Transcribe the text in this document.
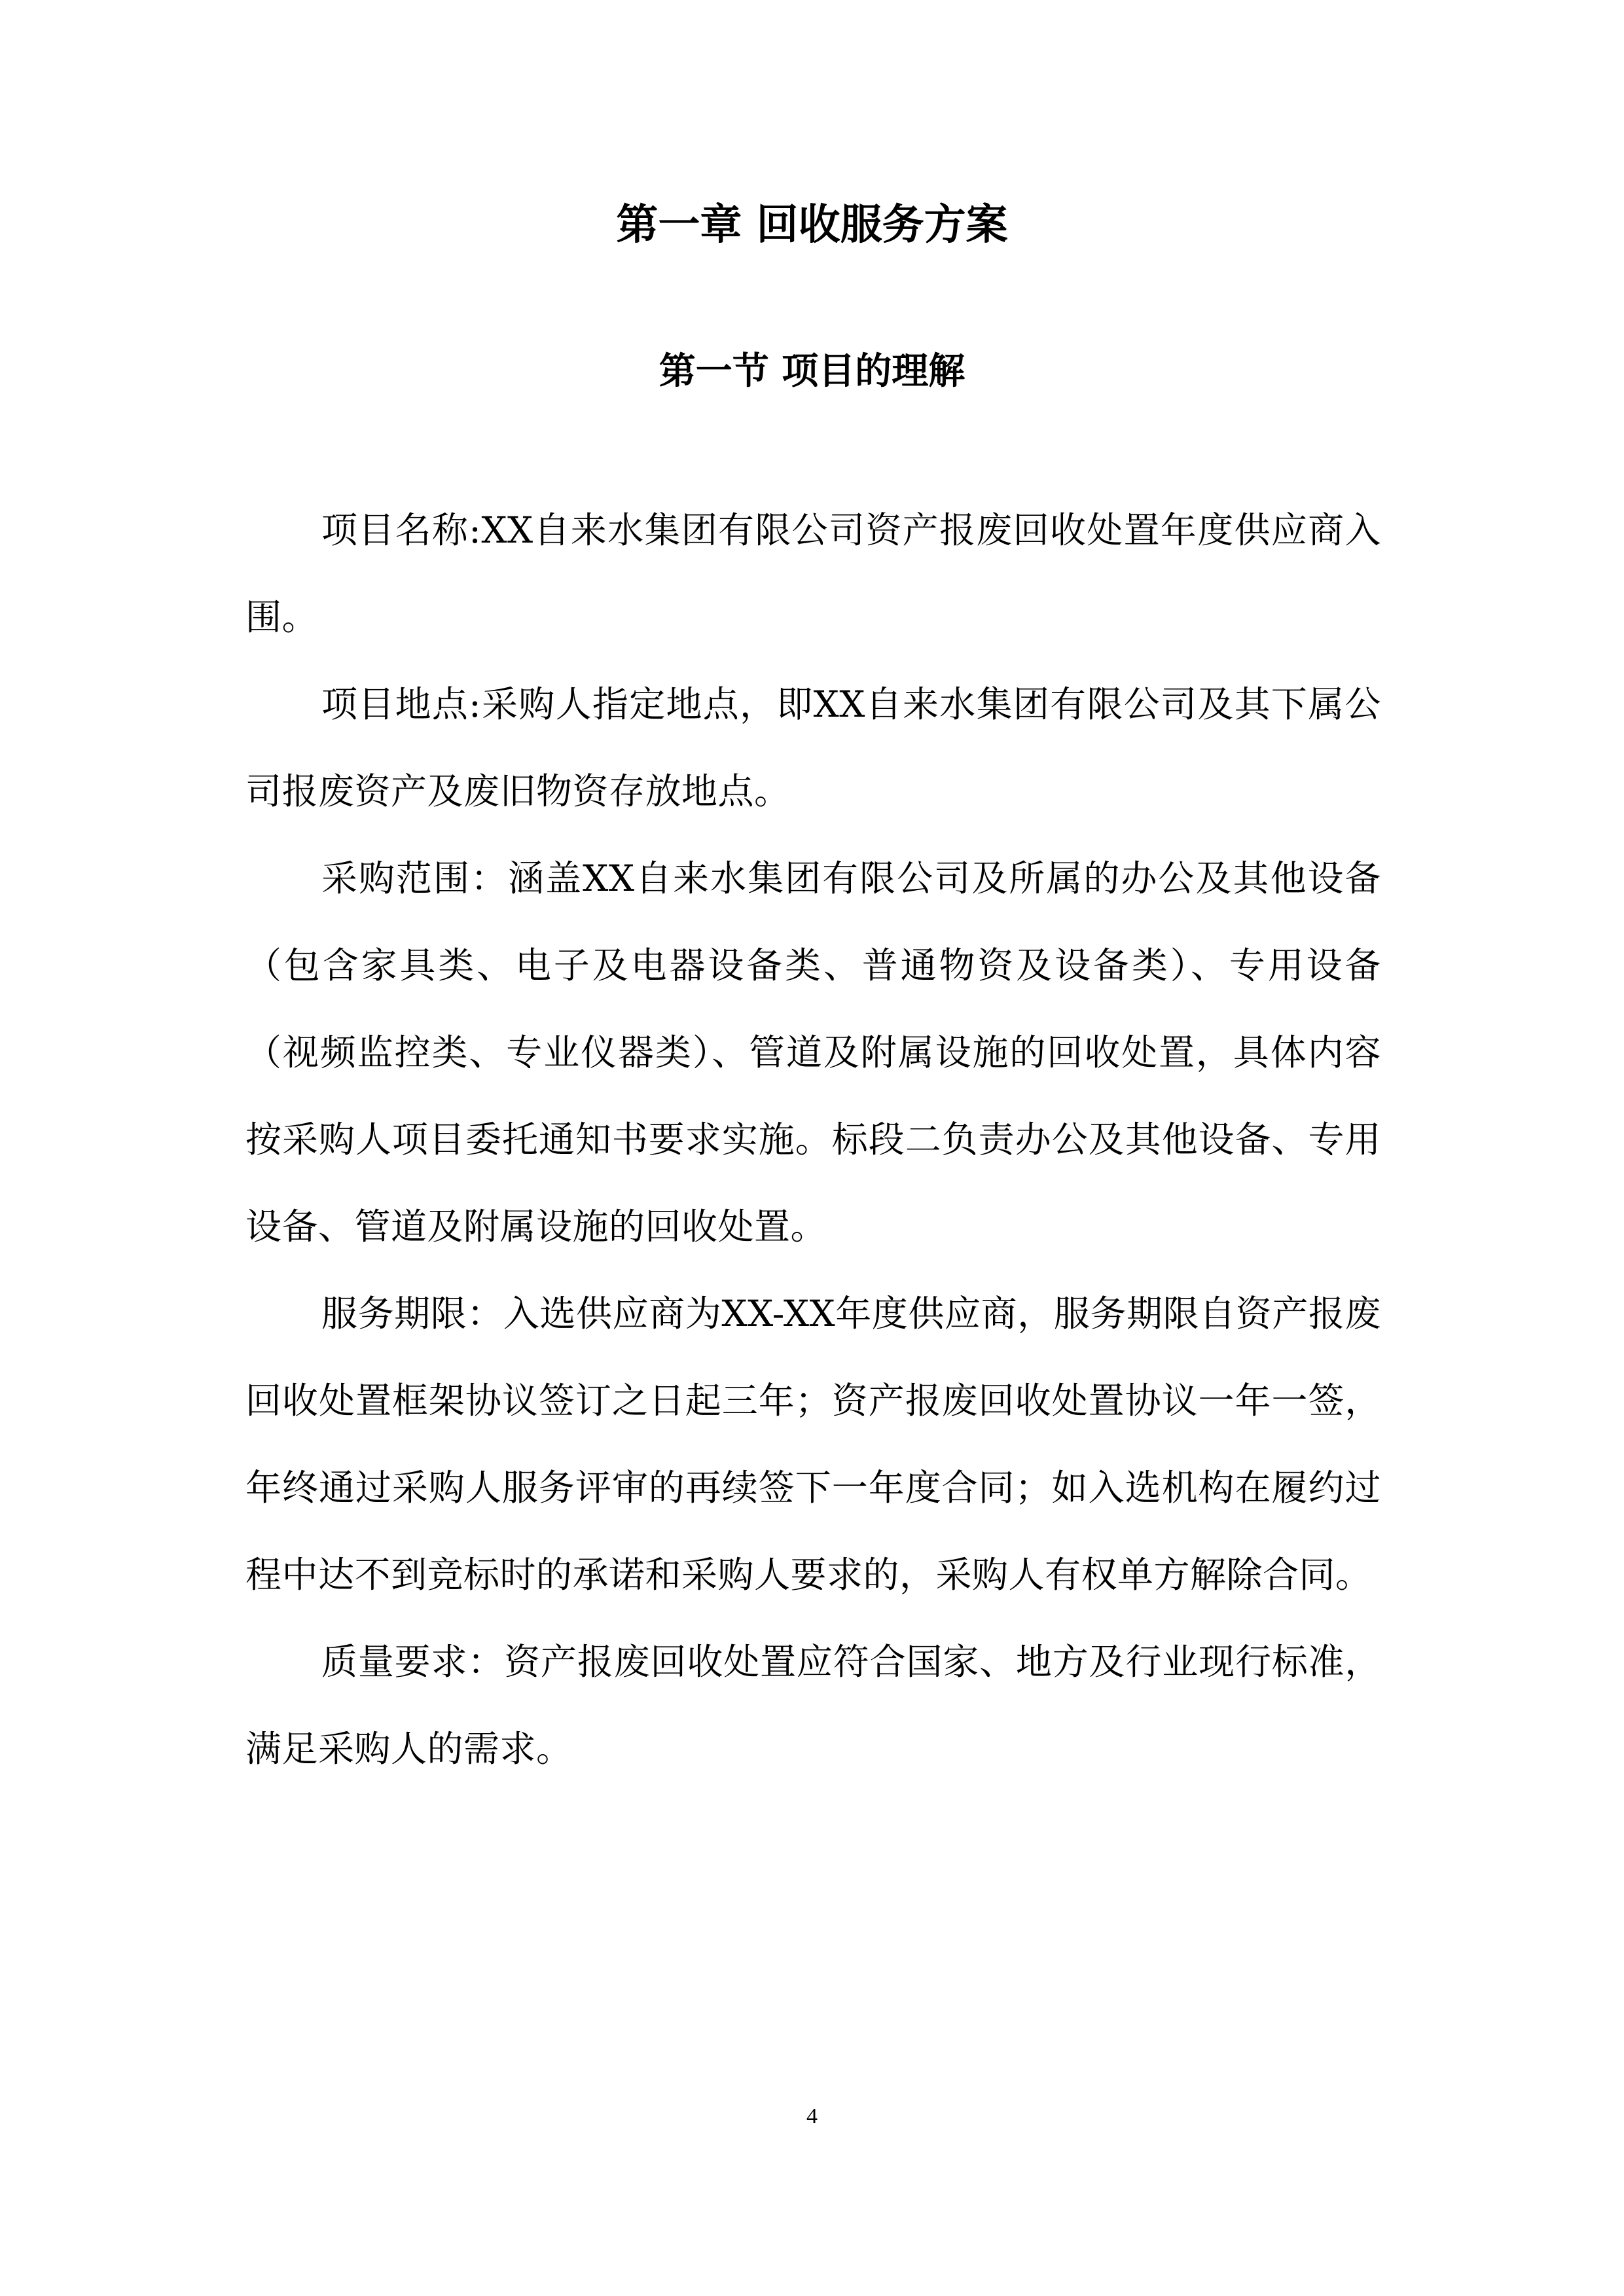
第一章 回收服务方案
第一节 项目的理解

项目名称:XX自来水集团有限公司资产报废回收处置年度供应商入围。

项目地点:采购人指定地点，即XX自来水集团有限公司及其下属公司报废资产及废旧物资存放地点。

采购范围：涵盖XX自来水集团有限公司及所属的办公及其他设备（包含家具类、电子及电器设备类、普通物资及设备类）、专用设备（视频监控类、专业仪器类）、管道及附属设施的回收处置，具体内容按采购人项目委托通知书要求实施。标段二负责办公及其他设备、专用设备、管道及附属设施的回收处置。

服务期限：入选供应商为XX-XX年度供应商，服务期限自资产报废回收处置框架协议签订之日起三年；资产报废回收处置协议一年一签，年终通过采购人服务评审的再续签下一年度合同；如入选机构在履约过程中达不到竞标时的承诺和采购人要求的，采购人有权单方解除合同。

质量要求：资产报废回收处置应符合国家、地方及行业现行标准，满足采购人的需求。

4
